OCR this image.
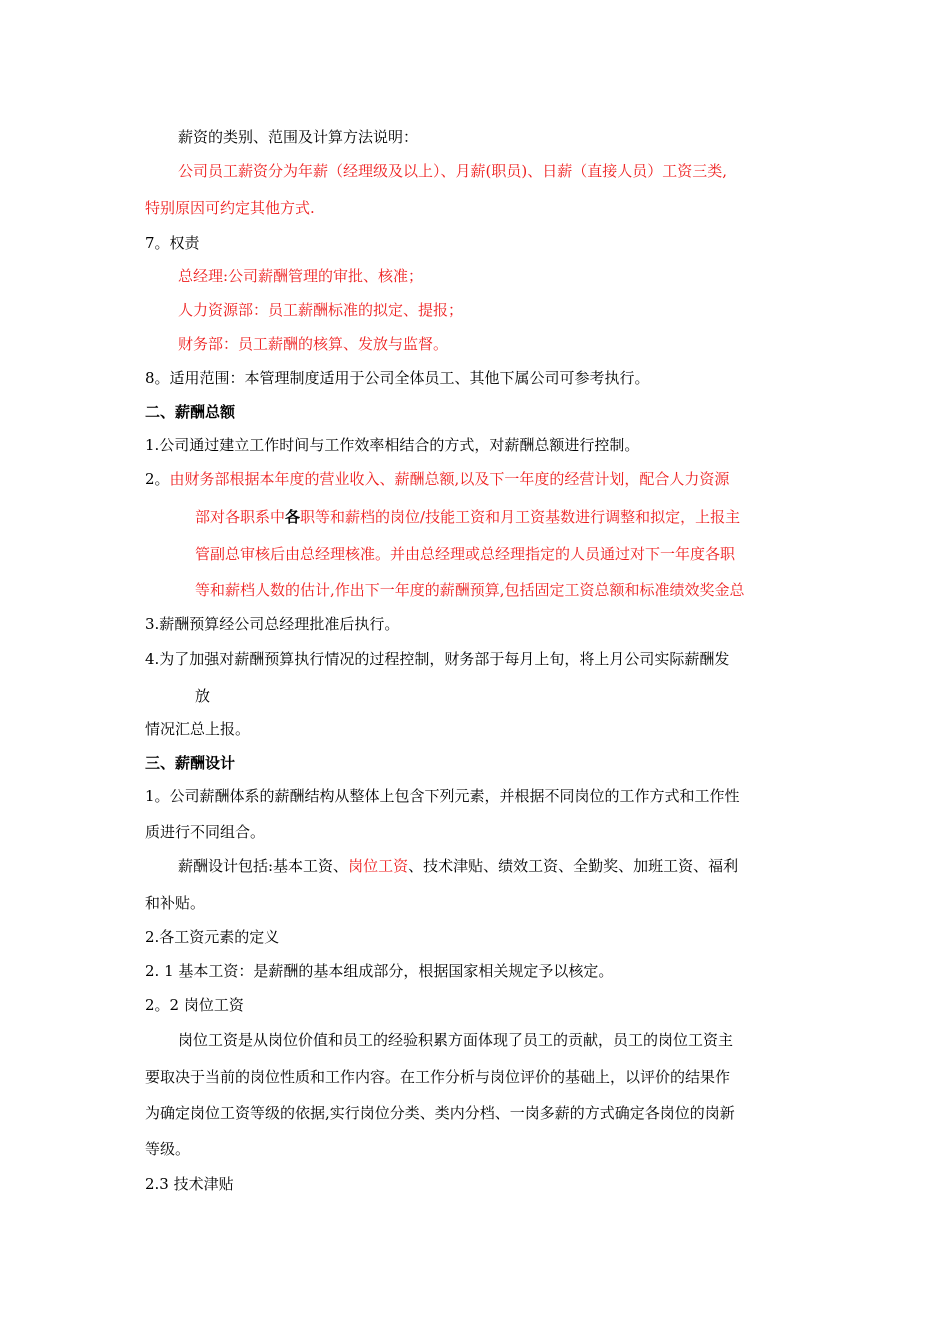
薪资的类别、范围及计算方法说明：
公司员工薪资分为年薪（经理级及以上）、月薪(职员)、日薪（直接人员）工资三类,
特别原因可约定其他方式.
7。权责
总经理:公司薪酬管理的审批、核准；
人力资源部：员工薪酬标准的拟定、提报；
财务部：员工薪酬的核算、发放与监督。
8。适用范围：本管理制度适用于公司全体员工、其他下属公司可参考执行。
二、薪酬总额
1.公司通过建立工作时间与工作效率相结合的方式，对薪酬总额进行控制。
2。由财务部根据本年度的营业收入、薪酬总额,以及下一年度的经营计划，配合人力资源
部对各职系中各职等和薪档的岗位/技能工资和月工资基数进行调整和拟定，上报主
管副总审核后由总经理核准。并由总经理或总经理指定的人员通过对下一年度各职
等和薪档人数的估计,作出下一年度的薪酬预算,包括固定工资总额和标准绩效奖金总
3.薪酬预算经公司总经理批准后执行。
4.为了加强对薪酬预算执行情况的过程控制，财务部于每月上旬，将上月公司实际薪酬发
放
情况汇总上报。
三、薪酬设计
1。公司薪酬体系的薪酬结构从整体上包含下列元素，并根据不同岗位的工作方式和工作性
质进行不同组合。
薪酬设计包括:基本工资、岗位工资、技术津贴、绩效工资、全勤奖、加班工资、福利
和补贴。
2.各工资元素的定义
2. 1 基本工资：是薪酬的基本组成部分，根据国家相关规定予以核定。
2。2 岗位工资
岗位工资是从岗位价值和员工的经验积累方面体现了员工的贡献，员工的岗位工资主
要取决于当前的岗位性质和工作内容。在工作分析与岗位评价的基础上，以评价的结果作
为确定岗位工资等级的依据,实行岗位分类、类内分档、一岗多薪的方式确定各岗位的岗新
等级。
2.3 技术津贴
